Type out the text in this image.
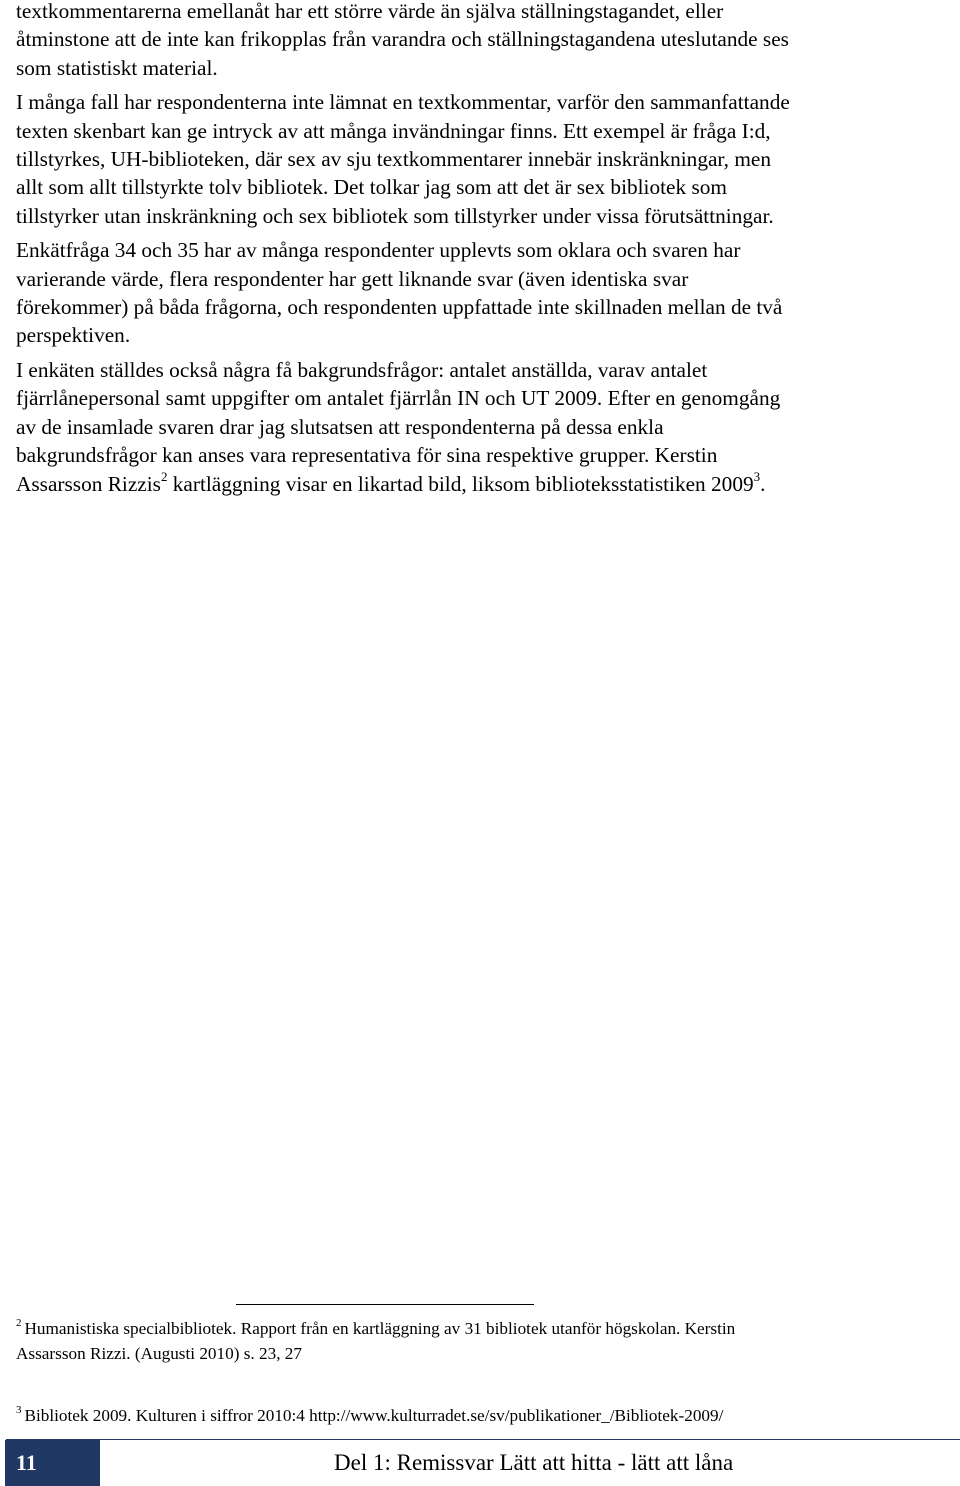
textkommentarerna emellanåt har ett större värde än själva ställningstagandet, eller
åtminstone att de inte kan frikopplas från varandra och ställningstagandena uteslutande ses
som statistiskt material.

I många fall har respondenterna inte lämnat en textkommentar, varför den sammanfattande
texten skenbart kan ge intryck av att många invändningar finns. Ett exempel är fråga I:d,
tillstyrkes, UH-biblioteken, där sex av sju textkommentarer innebär inskränkningar, men
allt som allt tillstyrkte tolv bibliotek. Det tolkar jag som att det är sex bibliotek som
tillstyrker utan inskränkning och sex bibliotek som tillstyrker under vissa förutsättningar.

Enkätfråga 34 och 35 har av många respondenter upplevts som oklara och svaren har
varierande värde, flera respondenter har gett liknande svar (även identiska svar
förekommer) på båda frågorna, och respondenten uppfattade inte skillnaden mellan de två
perspektiven.

I enkäten ställdes också några få bakgrundsfrågor: antalet anställda, varav antalet
fjärrlånepersonal samt uppgifter om antalet fjärrlån IN och UT 2009. Efter en genomgång
av de insamlade svaren drar jag slutsatsen att respondenterna på dessa enkla
bakgrundsfrågor kan anses vara representativa för sina respektive grupper. Kerstin
Assarsson Rizzis$^2$ kartläggning visar en likartad bild, liksom biblioteksstatistiken 2009$^3$.

$^2$ Humanistiska specialbibliotek. Rapport från en kartläggning av 31 bibliotek utanför högskolan. Kerstin
Assarsson Rizzi. (Augusti 2010) s. 23, 27
$^3$ Bibliotek 2009. Kulturen i siffror 2010:4 http://www.kulturradet.se/sv/publikationer_/Bibliotek-2009/
11	Del 1: Remissvar Lätt att hitta - lätt att låna
